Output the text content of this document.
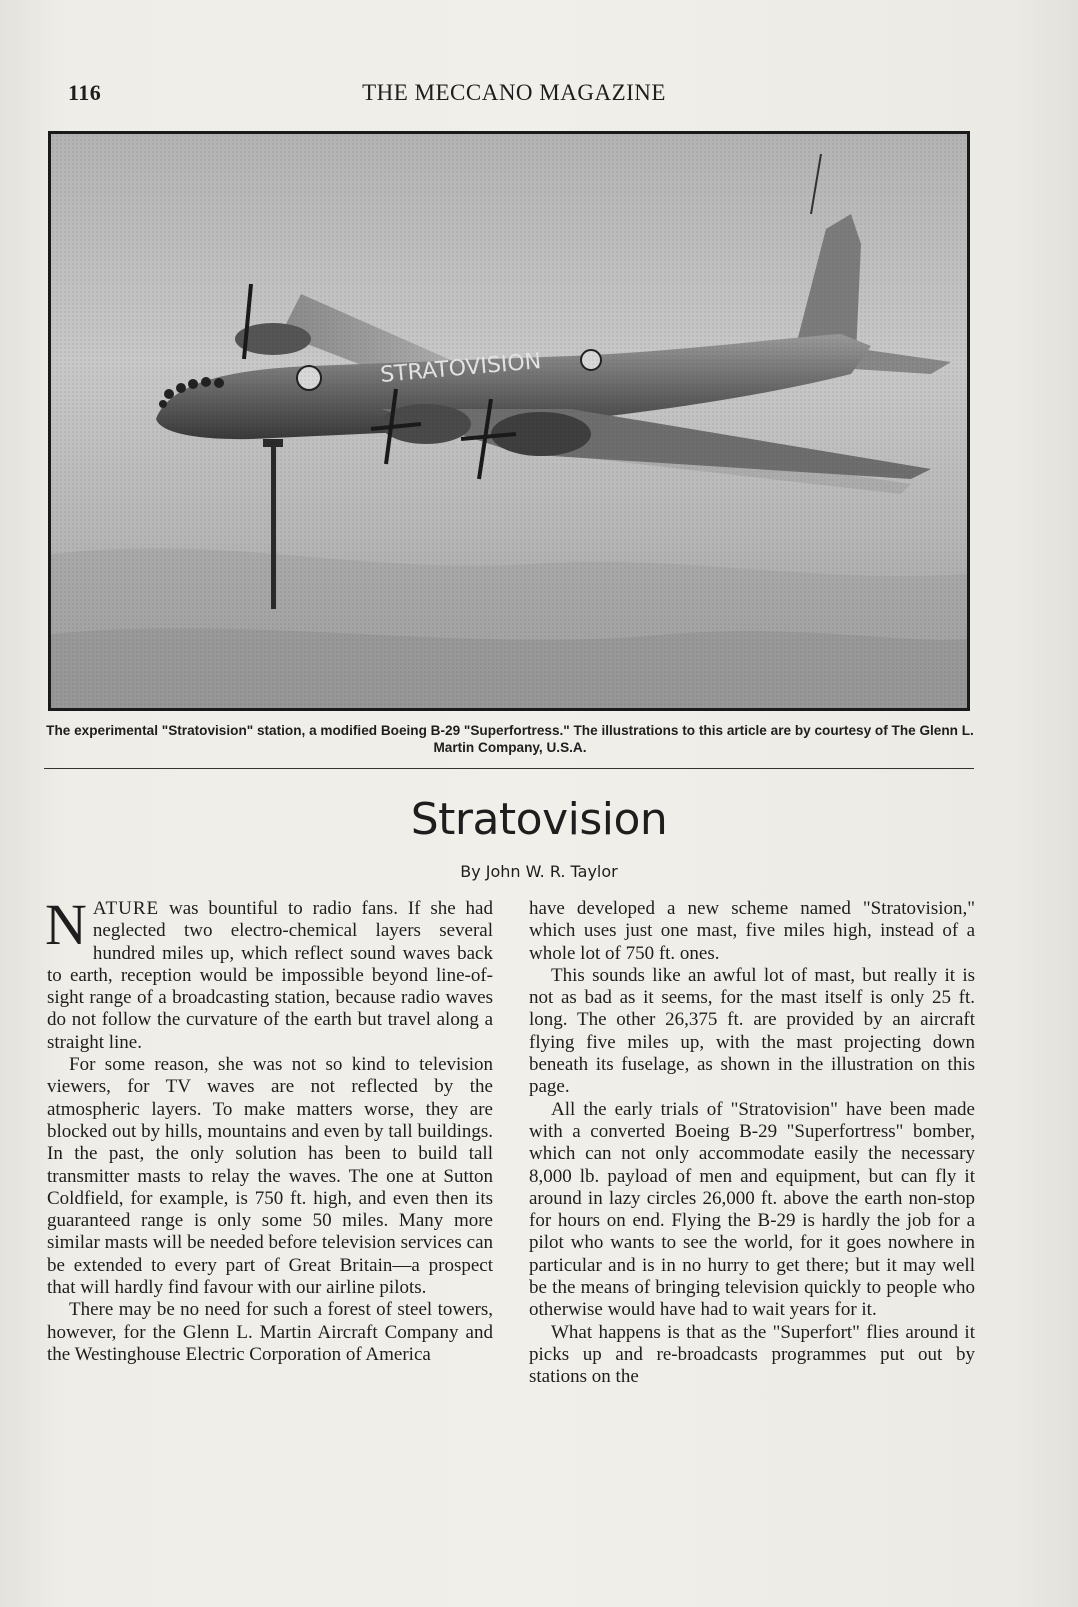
116	THE MECCANO MAGAZINE
The experimental "Stratovision" station, a modified Boeing B-29 "Superfortress." The illustrations to this article are by courtesy of The Glenn L. Martin Company, U.S.A.
Stratovision
By John W. R. Taylor

NATURE was bountiful to radio fans. If she had neglected two electro-chemical layers several hundred miles up, which reflect sound waves back to earth, reception would be impossible beyond line-of-sight range of a broadcasting station, because radio waves do not follow the curvature of the earth but travel along a straight line.

For some reason, she was not so kind to television viewers, for TV waves are not reflected by the atmospheric layers. To make matters worse, they are blocked out by hills, mountains and even by tall buildings. In the past, the only solution has been to build tall transmitter masts to relay the waves. The one at Sutton Coldfield, for example, is 750 ft. high, and even then its guaranteed range is only some 50 miles. Many more similar masts will be needed before television services can be extended to every part of Great Britain—a prospect that will hardly find favour with our airline pilots.

There may be no need for such a forest of steel towers, however, for the Glenn L. Martin Aircraft Company and the Westinghouse Electric Corporation of America

have developed a new scheme named "Stratovision," which uses just one mast, five miles high, instead of a whole lot of 750 ft. ones.

This sounds like an awful lot of mast, but really it is not as bad as it seems, for the mast itself is only 25 ft. long. The other 26,375 ft. are provided by an aircraft flying five miles up, with the mast projecting down beneath its fuselage, as shown in the illustration on this page.

All the early trials of "Stratovision" have been made with a converted Boeing B-29 "Superfortress" bomber, which can not only accommodate easily the necessary 8,000 lb. payload of men and equipment, but can fly it around in lazy circles 26,000 ft. above the earth non-stop for hours on end. Flying the B-29 is hardly the job for a pilot who wants to see the world, for it goes nowhere in particular and is in no hurry to get there; but it may well be the means of bringing television quickly to people who otherwise would have had to wait years for it.

What happens is that as the "Superfort" flies around it picks up and re-broadcasts programmes put out by stations on the
